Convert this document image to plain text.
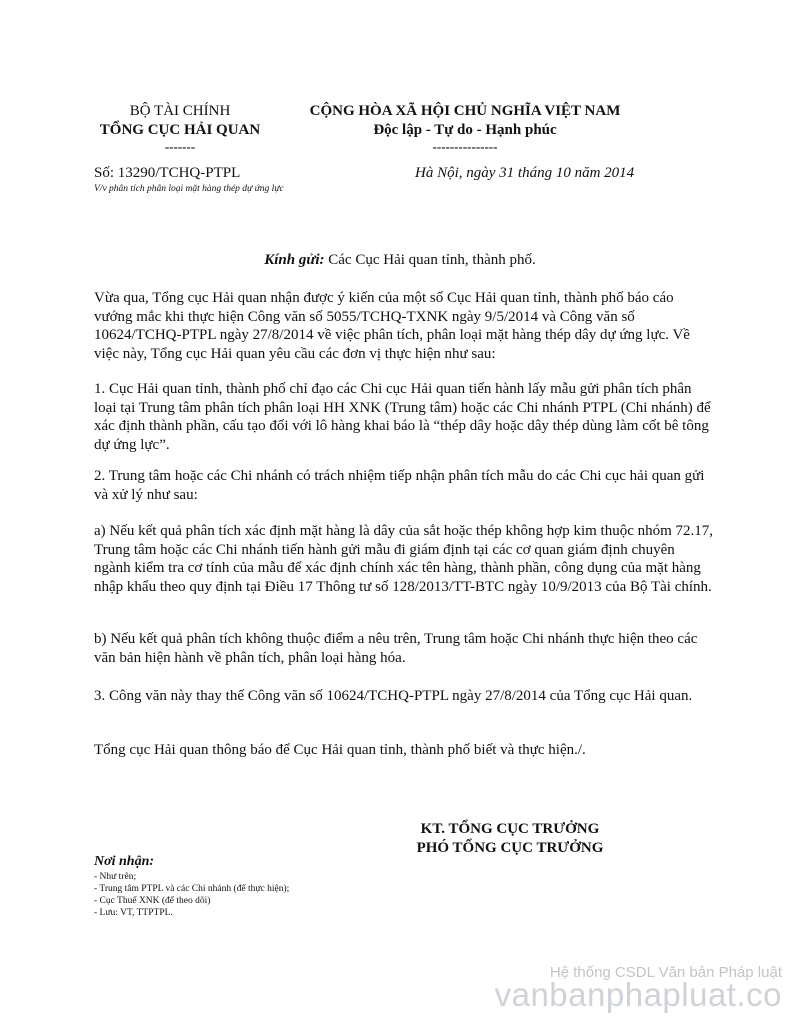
BỘ TÀI CHÍNH
TỔNG CỤC HẢI QUAN
-------
CỘNG HÒA XÃ HỘI CHỦ NGHĨA VIỆT NAM
Độc lập - Tự do - Hạnh phúc
---------------
Số: 13290/TCHQ-PTPL
V/v phân tích phân loại mặt hàng thép dự ứng lực
Hà Nội, ngày 31 tháng 10 năm 2014
Kính gửi: Các Cục Hải quan tỉnh, thành phố.

Vừa qua, Tổng cục Hải quan nhận được ý kiến của một số Cục Hải quan tỉnh, thành phố báo cáo vướng mắc khi thực hiện Công văn số 5055/TCHQ-TXNK ngày 9/5/2014 và Công văn số 10624/TCHQ-PTPL ngày 27/8/2014 về việc phân tích, phân loại mặt hàng thép dây dự ứng lực. Về việc này, Tổng cục Hải quan yêu cầu các đơn vị thực hiện như sau:

1. Cục Hải quan tỉnh, thành phố chỉ đạo các Chi cục Hải quan tiến hành lấy mẫu gửi phân tích phân loại tại Trung tâm phân tích phân loại HH XNK (Trung tâm) hoặc các Chi nhánh PTPL (Chi nhánh) để xác định thành phần, cấu tạo đối với lô hàng khai báo là “thép dây hoặc dây thép dùng làm cốt bê tông dự ứng lực”.

2. Trung tâm hoặc các Chi nhánh có trách nhiệm tiếp nhận phân tích mẫu do các Chi cục hải quan gửi và xử lý như sau:

a) Nếu kết quả phân tích xác định mặt hàng là dây của sắt hoặc thép không hợp kim thuộc nhóm 72.17, Trung tâm hoặc các Chi nhánh tiến hành gửi mẫu đi giám định tại các cơ quan giám định chuyên ngành kiểm tra cơ tính của mẫu để xác định chính xác tên hàng, thành phần, công dụng của mặt hàng nhập khẩu theo quy định tại Điều 17 Thông tư số 128/2013/TT-BTC ngày 10/9/2013 của Bộ Tài chính.

b) Nếu kết quả phân tích không thuộc điểm a nêu trên, Trung tâm hoặc Chi nhánh thực hiện theo các văn bản hiện hành về phân tích, phân loại hàng hóa.

3. Công văn này thay thế Công văn số 10624/TCHQ-PTPL ngày 27/8/2014 của Tổng cục Hải quan.

Tổng cục Hải quan thông báo để Cục Hải quan tỉnh, thành phố biết và thực hiện./.

KT. TỔNG CỤC TRƯỞNG
PHÓ TỔNG CỤC TRƯỞNG
Nơi nhận:
- Như trên;
- Trung tâm PTPL và các Chi nhánh (để thực hiện);
- Cục Thuế XNK (để theo dõi)
- Lưu: VT, TTPTPL.
Hệ thống CSDL Văn bản Pháp luật
vanbanphapluat.co
